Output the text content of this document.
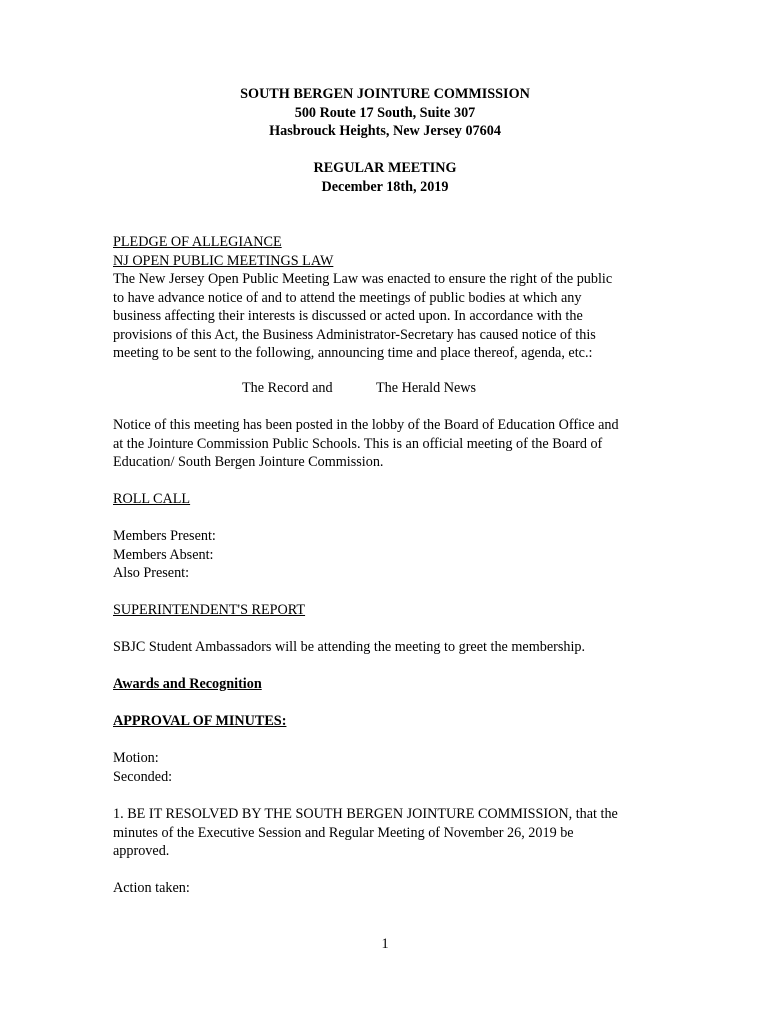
SOUTH BERGEN JOINTURE COMMISSION
500 Route 17 South, Suite 307
Hasbrouck Heights, New Jersey 07604
REGULAR MEETING
December 18th, 2019
PLEDGE OF ALLEGIANCE
NJ OPEN PUBLIC MEETINGS LAW
The New Jersey Open Public Meeting Law was enacted to ensure the right of the public
to have advance notice of and to attend the meetings of public bodies at which any
business affecting their interests is discussed or acted upon. In accordance with the
provisions of this Act, the Business Administrator-Secretary has caused notice of this
meeting to be sent to the following, announcing time and place thereof, agenda, etc.:
The Record and	The Herald News
Notice of this meeting has been posted in the lobby of the Board of Education Office and
at the Jointure Commission Public Schools. This is an official meeting of the Board of
Education/ South Bergen Jointure Commission.
ROLL CALL
Members Present:
Members Absent:
Also Present:
SUPERINTENDENT'S REPORT
SBJC Student Ambassadors will be attending the meeting to greet the membership.
Awards and Recognition
APPROVAL OF MINUTES:
Motion:
Seconded:
1. BE IT RESOLVED BY THE SOUTH BERGEN JOINTURE COMMISSION, that the
minutes of the Executive Session and Regular Meeting of November 26, 2019 be
approved.
Action taken:
1
